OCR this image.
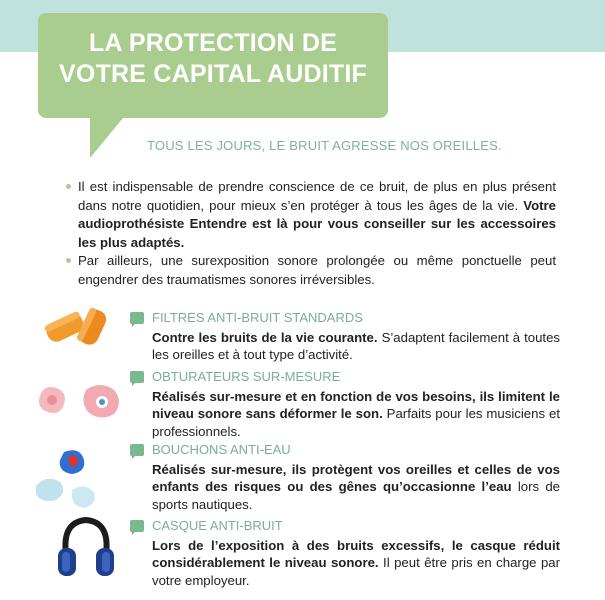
LA PROTECTION DE
VOTRE CAPITAL AUDITIF
TOUS LES JOURS, LE BRUIT AGRESSE NOS OREILLES.

Il est indispensable de prendre conscience de ce bruit, de plus en plus présent dans notre quotidien, pour mieux s’en protéger à tous les âges de la vie. Votre audioprothésiste Entendre est là pour vous conseiller sur les accessoires les plus adaptés.

Par ailleurs, une surexposition sonore prolongée ou même ponctuelle peut engendrer des traumatismes sonores irréversibles.

FILTRES ANTI-BRUIT STANDARDS
Contre les bruits de la vie courante. S’adaptent facilement à toutes les oreilles et à tout type d’activité.
OBTURATEURS SUR-MESURE
Réalisés sur-mesure et en fonction de vos besoins, ils limitent le niveau sonore sans déformer le son. Parfaits pour les musiciens et professionnels.
BOUCHONS ANTI-EAU
Réalisés sur-mesure, ils protègent vos oreilles et celles de vos enfants des risques ou des gênes qu’occasionne l’eau lors de sports nautiques.
CASQUE ANTI-BRUIT
Lors de l’exposition à des bruits excessifs, le casque réduit considérablement le niveau sonore. Il peut être pris en charge par votre employeur.
